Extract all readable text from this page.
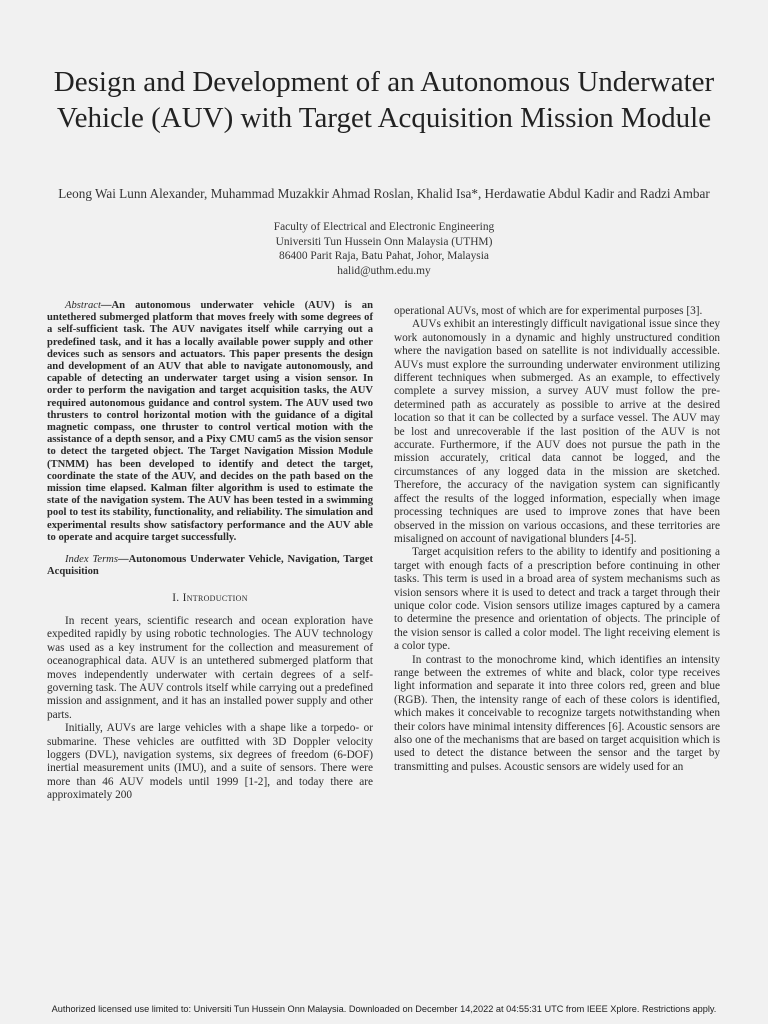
Design and Development of an Autonomous Underwater Vehicle (AUV) with Target Acquisition Mission Module
Leong Wai Lunn Alexander, Muhammad Muzakkir Ahmad Roslan, Khalid Isa*, Herdawatie Abdul Kadir and Radzi Ambar
Faculty of Electrical and Electronic Engineering
Universiti Tun Hussein Onn Malaysia (UTHM)
86400 Parit Raja, Batu Pahat, Johor, Malaysia
halid@uthm.edu.my

Abstract—An autonomous underwater vehicle (AUV) is an untethered submerged platform that moves freely with some degrees of a self-sufficient task. The AUV navigates itself while carrying out a predefined task, and it has a locally available power supply and other devices such as sensors and actuators. This paper presents the design and development of an AUV that able to navigate autonomously, and capable of detecting an underwater target using a vision sensor. In order to perform the navigation and target acquisition tasks, the AUV required autonomous guidance and control system. The AUV used two thrusters to control horizontal motion with the guidance of a digital magnetic compass, one thruster to control vertical motion with the assistance of a depth sensor, and a Pixy CMU cam5 as the vision sensor to detect the targeted object. The Target Navigation Mission Module (TNMM) has been developed to identify and detect the target, coordinate the state of the AUV, and decides on the path based on the mission time elapsed. Kalman filter algorithm is used to estimate the state of the navigation system. The AUV has been tested in a swimming pool to test its stability, functionality, and reliability. The simulation and experimental results show satisfactory performance and the AUV able to operate and acquire target successfully.

Index Terms—Autonomous Underwater Vehicle, Navigation, Target Acquisition

I. Introduction

In recent years, scientific research and ocean exploration have expedited rapidly by using robotic technologies. The AUV technology was used as a key instrument for the collection and measurement of oceanographical data. AUV is an untethered submerged platform that moves independently underwater with certain degrees of a self-governing task. The AUV controls itself while carrying out a predefined mission and assignment, and it has an installed power supply and other parts.

Initially, AUVs are large vehicles with a shape like a torpedo- or submarine. These vehicles are outfitted with 3D Doppler velocity loggers (DVL), navigation systems, six degrees of freedom (6-DOF) inertial measurement units (IMU), and a suite of sensors. There were more than 46 AUV models until 1999 [1-2], and today there are approximately 200

operational AUVs, most of which are for experimental purposes [3].

AUVs exhibit an interestingly difficult navigational issue since they work autonomously in a dynamic and highly unstructured condition where the navigation based on satellite is not individually accessible. AUVs must explore the surrounding underwater environment utilizing different techniques when submerged. As an example, to effectively complete a survey mission, a survey AUV must follow the pre-determined path as accurately as possible to arrive at the desired location so that it can be collected by a surface vessel. The AUV may be lost and unrecoverable if the last position of the AUV is not accurate. Furthermore, if the AUV does not pursue the path in the mission accurately, critical data cannot be logged, and the circumstances of any logged data in the mission are sketched. Therefore, the accuracy of the navigation system can significantly affect the results of the logged information, especially when image processing techniques are used to improve zones that have been observed in the mission on various occasions, and these territories are misaligned on account of navigational blunders [4-5].

Target acquisition refers to the ability to identify and positioning a target with enough facts of a prescription before continuing in other tasks. This term is used in a broad area of system mechanisms such as vision sensors where it is used to detect and track a target through their unique color code. Vision sensors utilize images captured by a camera to determine the presence and orientation of objects. The principle of the vision sensor is called a color model. The light receiving element is a color type.

In contrast to the monochrome kind, which identifies an intensity range between the extremes of white and black, color type receives light information and separate it into three colors red, green and blue (RGB). Then, the intensity range of each of these colors is identified, which makes it conceivable to recognize targets notwithstanding when their colors have minimal intensity differences [6]. Acoustic sensors are also one of the mechanisms that are based on target acquisition which is used to detect the distance between the sensor and the target by transmitting and pulses. Acoustic sensors are widely used for an

Authorized licensed use limited to: Universiti Tun Hussein Onn Malaysia. Downloaded on December 14,2022 at 04:55:31 UTC from IEEE Xplore. Restrictions apply.
